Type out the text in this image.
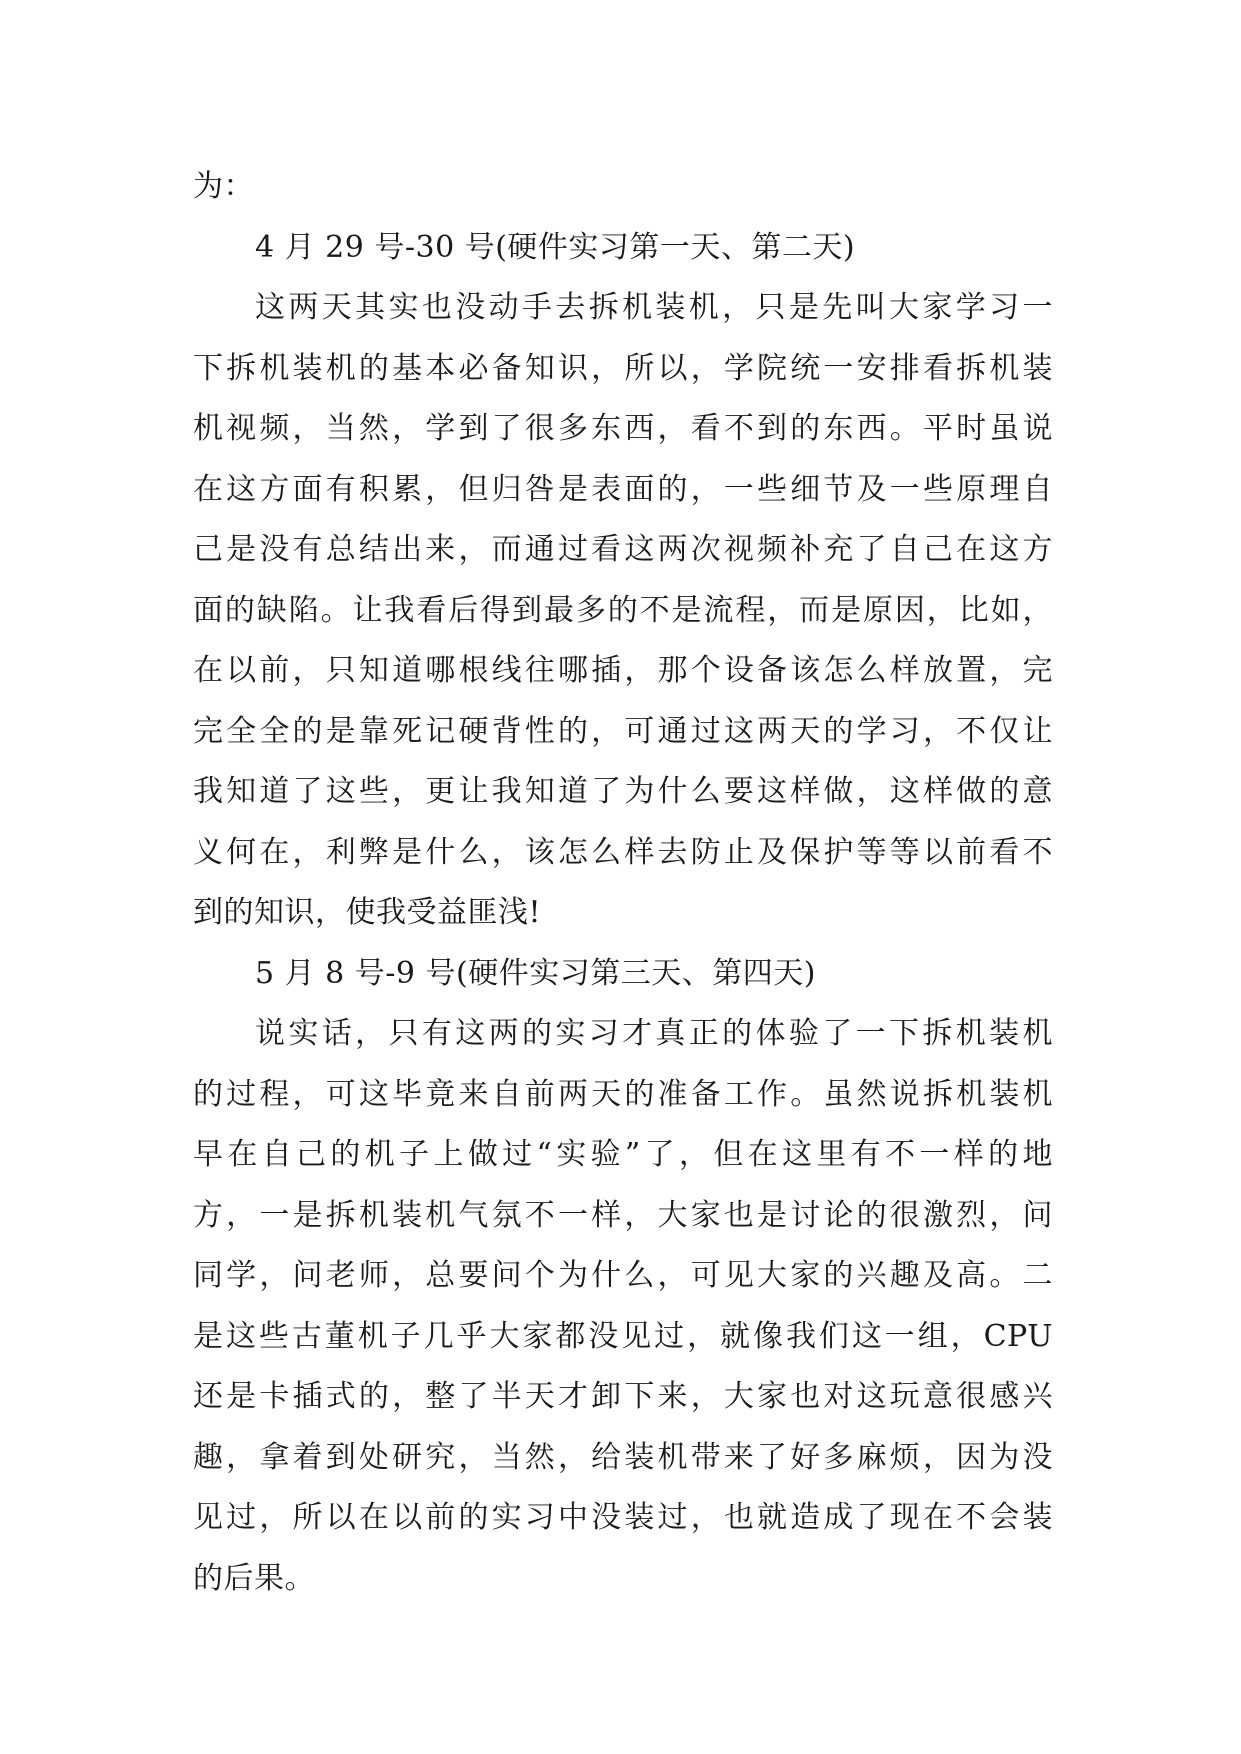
为：
4 月 29 号-30 号(硬件实习第一天、第二天)
这两天其实也没动手去拆机装机，只是先叫大家学习一
下拆机装机的基本必备知识，所以，学院统一安排看拆机装
机视频，当然，学到了很多东西，看不到的东西。平时虽说
在这方面有积累，但归咎是表面的，一些细节及一些原理自
己是没有总结出来，而通过看这两次视频补充了自己在这方
面的缺陷。让我看后得到最多的不是流程，而是原因，比如，
在以前，只知道哪根线往哪插，那个设备该怎么样放置，完
完全全的是靠死记硬背性的，可通过这两天的学习，不仅让
我知道了这些，更让我知道了为什么要这样做，这样做的意
义何在，利弊是什么，该怎么样去防止及保护等等以前看不
到的知识，使我受益匪浅!
5 月 8 号-9 号(硬件实习第三天、第四天)
说实话，只有这两的实习才真正的体验了一下拆机装机
的过程，可这毕竟来自前两天的准备工作。虽然说拆机装机
早在自己的机子上做过“实验”了，但在这里有不一样的地
方，一是拆机装机气氛不一样，大家也是讨论的很激烈，问
同学，问老师，总要问个为什么，可见大家的兴趣及高。二
是这些古董机子几乎大家都没见过，就像我们这一组，CPU
还是卡插式的，整了半天才卸下来，大家也对这玩意很感兴
趣，拿着到处研究，当然，给装机带来了好多麻烦，因为没
见过，所以在以前的实习中没装过，也就造成了现在不会装
的后果。
